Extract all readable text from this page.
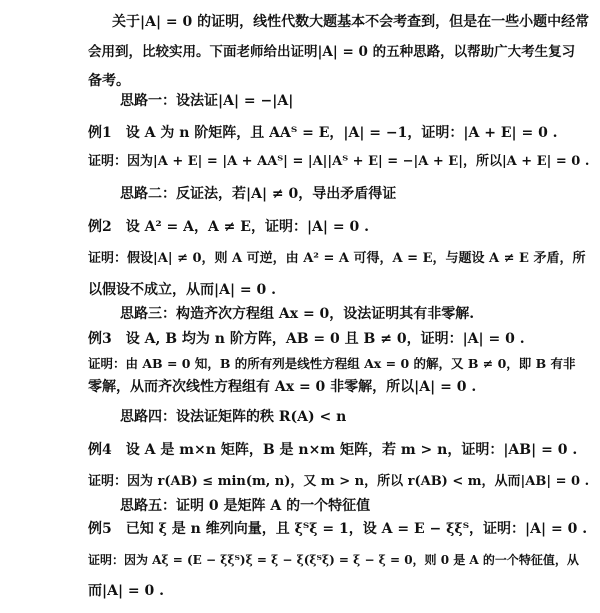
关于|A| = 0 的证明，线性代数大题基本不会考查到，但是在一些小题中经常
会用到，比较实用。下面老师给出证明|A| = 0 的五种思路，以帮助广大考生复习
备考。
思路一：设法证|A| = −|A|
例1　设 A 为 n 阶矩阵，且 AAᵀ = E，|A| = −1，证明：|A + E| = 0 .
证明：因为|A + E| = |A + AAᵀ| = |A||Aᵀ + E| = −|A + E|，所以|A + E| = 0 .
思路二：反证法，若|A| ≠ 0，导出矛盾得证
例2　设 A² = A，A ≠ E，证明：|A| = 0 .
证明：假设|A| ≠ 0，则 A 可逆，由 A² = A 可得，A = E，与题设 A ≠ E 矛盾，所
以假设不成立，从而|A| = 0 .
思路三：构造齐次方程组 Ax = 0，设法证明其有非零解.
例3　设 A, B 均为 n 阶方阵，AB = 0 且 B ≠ 0，证明：|A| = 0 .
证明：由 AB = 0 知，B 的所有列是线性方程组 Ax = 0 的解，又 B ≠ 0，即 B 有非
零解，从而齐次线性方程组有 Ax = 0 非零解，所以|A| = 0 .
思路四：设法证矩阵的秩 R(A) < n
例4　设 A 是 m×n 矩阵，B 是 n×m 矩阵，若 m > n，证明：|AB| = 0 .
证明：因为 r(AB) ≤ min(m, n)，又 m > n，所以 r(AB) < m，从而|AB| = 0 .
思路五：证明 0 是矩阵 A 的一个特征值
例5　已知 ξ 是 n 维列向量，且 ξᵀξ = 1，设 A = E − ξξᵀ，证明：|A| = 0 .
证明：因为 Aξ = (E − ξξᵀ)ξ = ξ − ξ(ξᵀξ) = ξ − ξ = 0，则 0 是 A 的一个特征值，从
而|A| = 0 .
